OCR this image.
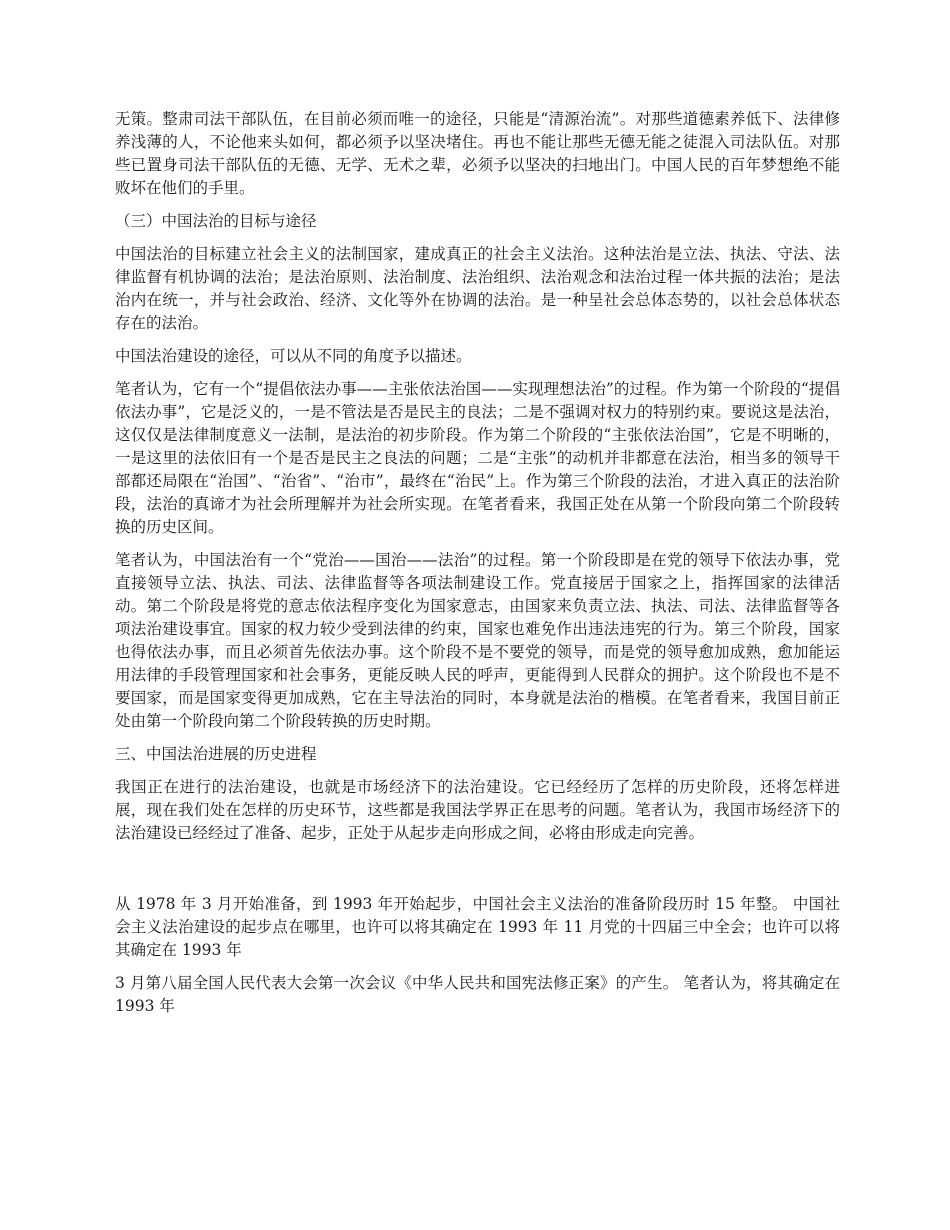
无策。整肃司法干部队伍，在目前必须而唯一的途径，只能是“清源治流”。对那些道德素养低下、法律修养浅薄的人，不论他来头如何，都必须予以坚决堵住。再也不能让那些无德无能之徒混入司法队伍。对那些已置身司法干部队伍的无德、无学、无术之辈，必须予以坚决的扫地出门。中国人民的百年梦想绝不能败坏在他们的手里。

（三）中国法治的目标与途径

中国法治的目标建立社会主义的法制国家，建成真正的社会主义法治。这种法治是立法、执法、守法、法律监督有机协调的法治；是法治原则、法治制度、法治组织、法治观念和法治过程一体共振的法治；是法治内在统一，并与社会政治、经济、文化等外在协调的法治。是一种呈社会总体态势的，以社会总体状态存在的法治。

中国法治建设的途径，可以从不同的角度予以描述。

笔者认为，它有一个“提倡依法办事——主张依法治国——实现理想法治”的过程。作为第一个阶段的“提倡依法办事”，它是泛义的，一是不管法是否是民主的良法；二是不强调对权力的特别约束。要说这是法治，这仅仅是法律制度意义一法制，是法治的初步阶段。作为第二个阶段的“主张依法治国”，它是不明晰的，一是这里的法依旧有一个是否是民主之良法的问题；二是“主张”的动机并非都意在法治，相当多的领导干部都还局限在“治国”、“治省”、“治市”，最终在“治民”上。作为第三个阶段的法治，才进入真正的法治阶段，法治的真谛才为社会所理解并为社会所实现。在笔者看来，我国正处在从第一个阶段向第二个阶段转换的历史区间。

笔者认为，中国法治有一个“党治——国治——法治”的过程。第一个阶段即是在党的领导下依法办事，党直接领导立法、执法、司法、法律监督等各项法制建设工作。党直接居于国家之上，指挥国家的法律活动。第二个阶段是将党的意志依法程序变化为国家意志，由国家来负责立法、执法、司法、法律监督等各项法治建设事宜。国家的权力较少受到法律的约束，国家也难免作出违法违宪的行为。第三个阶段，国家也得依法办事，而且必须首先依法办事。这个阶段不是不要党的领导，而是党的领导愈加成熟，愈加能运用法律的手段管理国家和社会事务，更能反映人民的呼声，更能得到人民群众的拥护。这个阶段也不是不要国家，而是国家变得更加成熟，它在主导法治的同时，本身就是法治的楷模。在笔者看来，我国目前正处由第一个阶段向第二个阶段转换的历史时期。

三、中国法治进展的历史进程

我国正在进行的法治建设，也就是市场经济下的法治建设。它已经经历了怎样的历史阶段，还将怎样进展，现在我们处在怎样的历史环节，这些都是我国法学界正在思考的问题。笔者认为，我国市场经济下的法治建设已经经过了准备、起步，正处于从起步走向形成之间，必将由形成走向完善。

从 1978 年 3 月开始准备，到 1993 年开始起步，中国社会主义法治的准备阶段历时 15 年整。 中国社会主义法治建设的起步点在哪里，也许可以将其确定在 1993 年 11 月党的十四届三中全会；也许可以将其确定在 1993 年

3 月第八届全国人民代表大会第一次会议《中华人民共和国宪法修正案》的产生。 笔者认为，将其确定在 1993 年
